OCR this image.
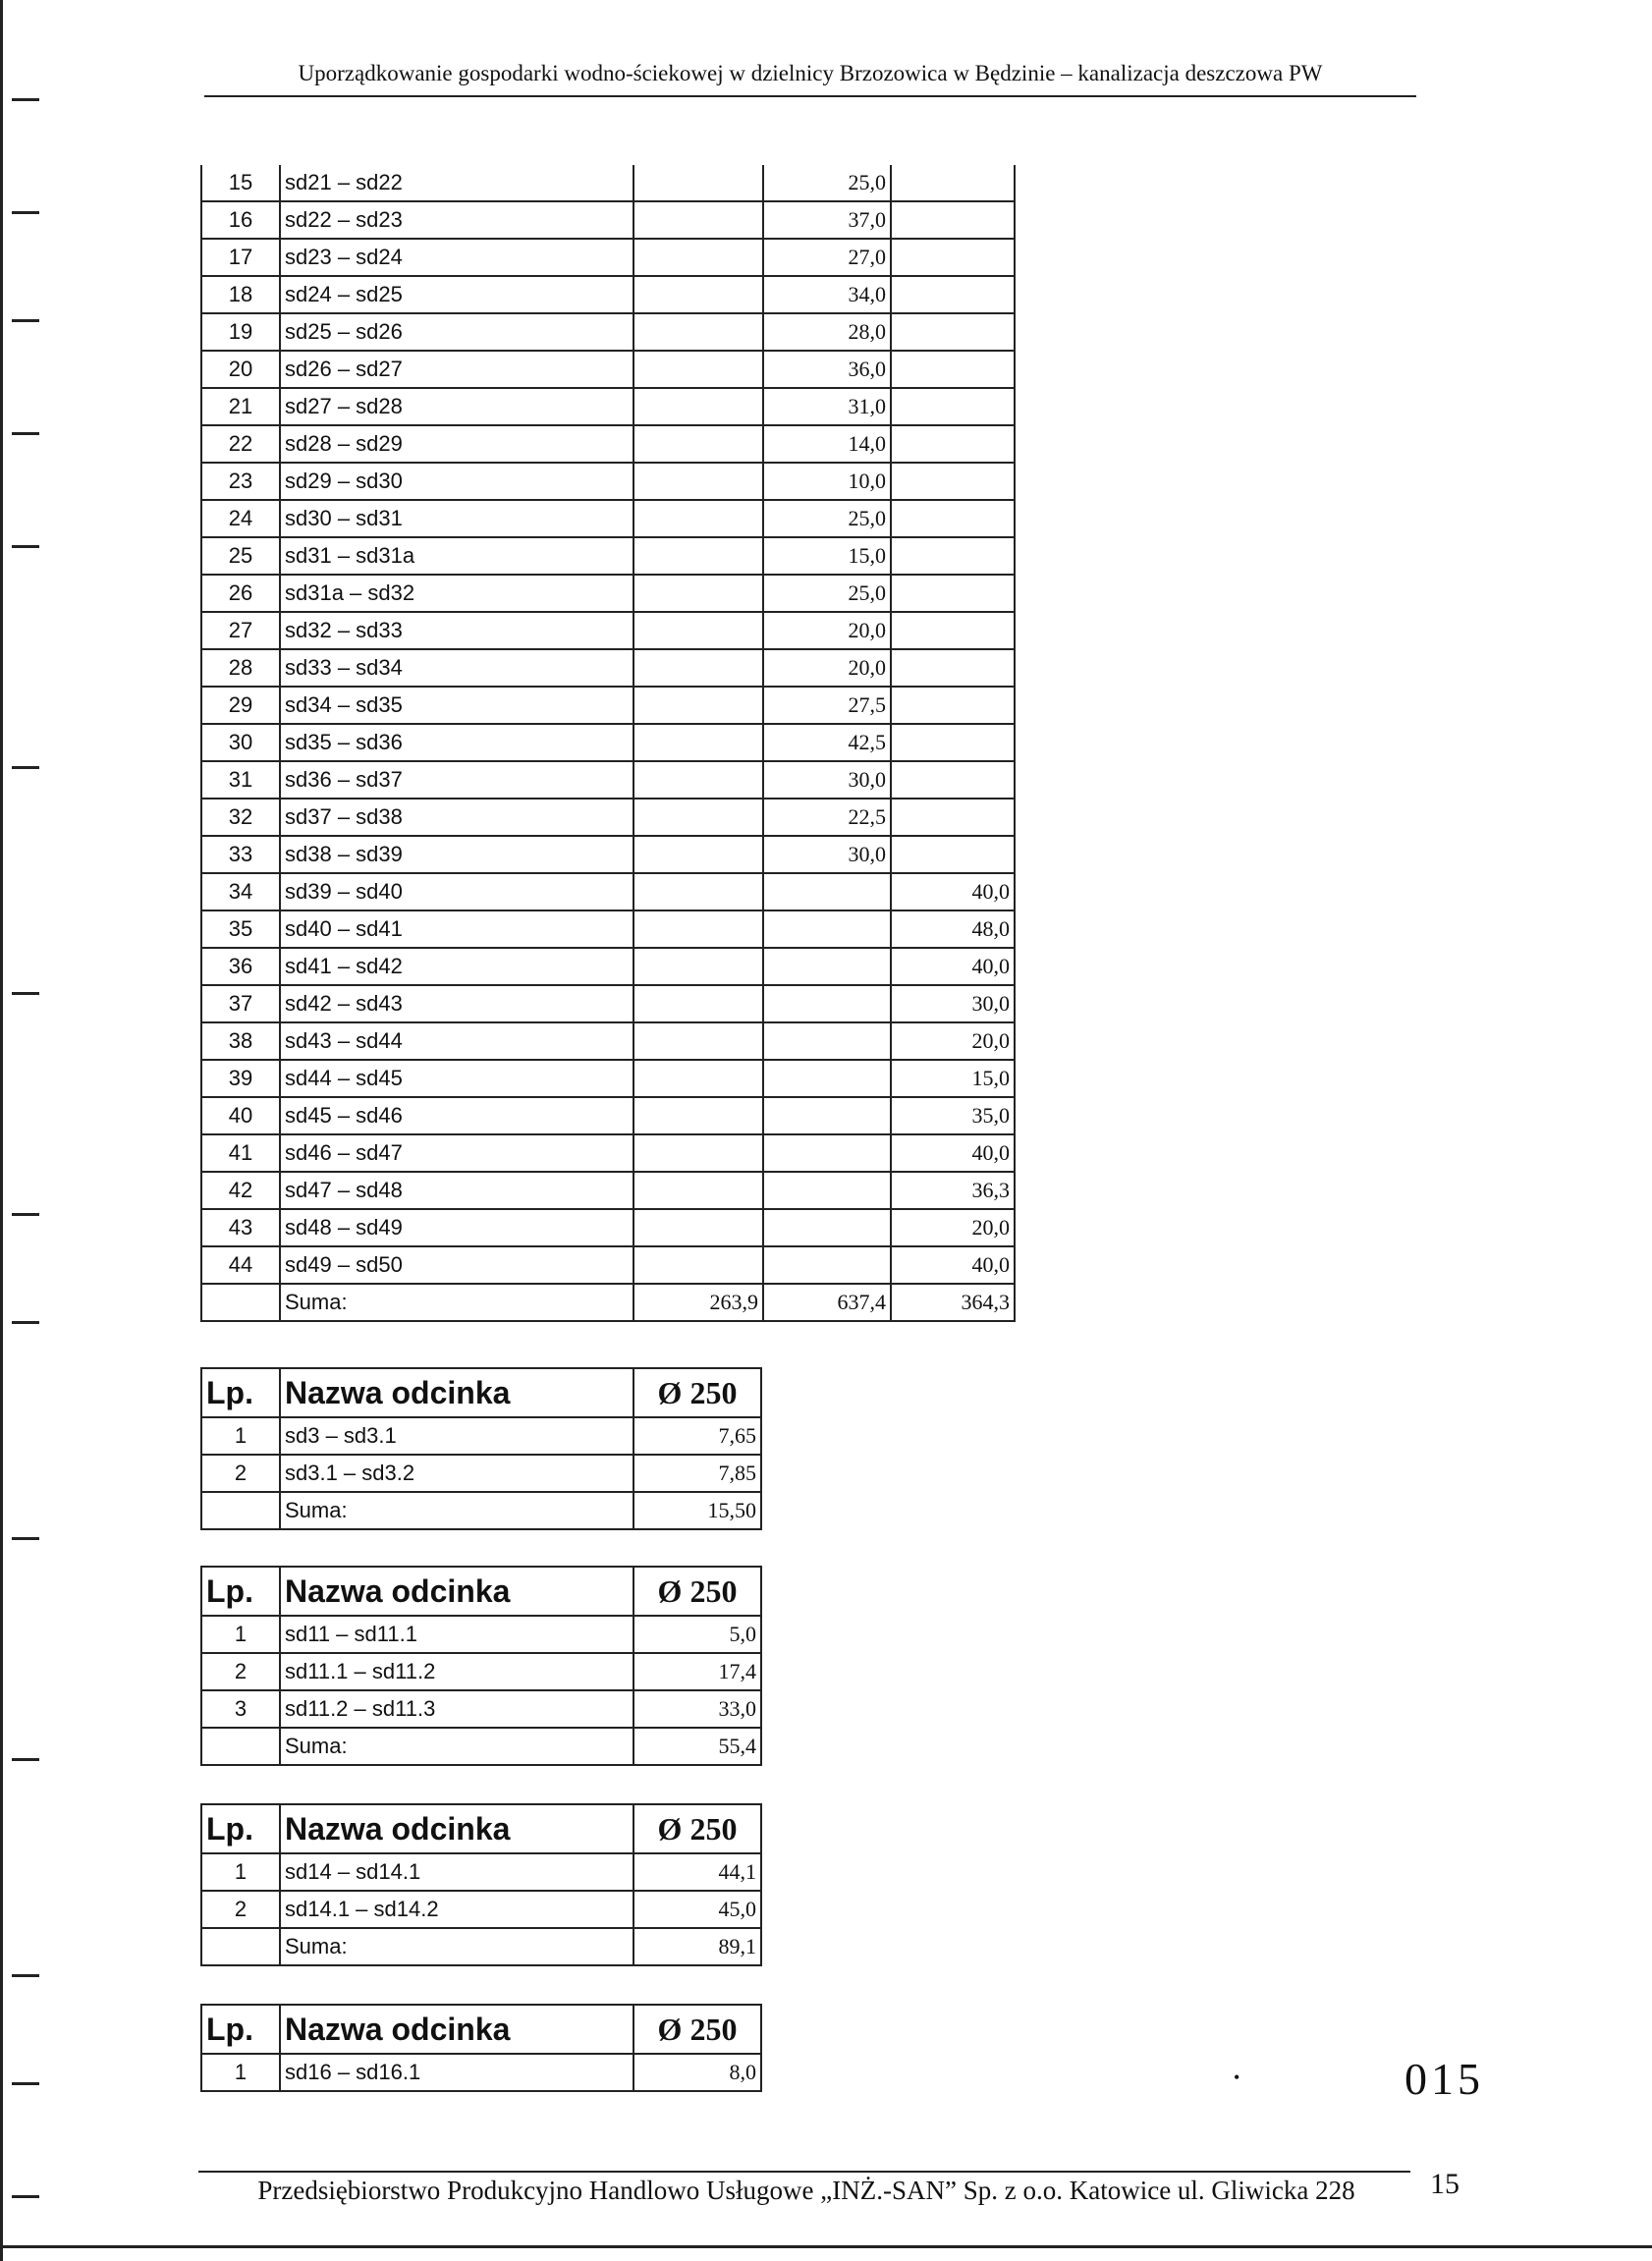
Uporządkowanie gospodarki wodno-ściekowej w dzielnicy Brzozowica w Będzinie – kanalizacja deszczowa PW
15	sd21 – sd22		25,0	
16	sd22 – sd23		37,0	
17	sd23 – sd24		27,0	
18	sd24 – sd25		34,0	
19	sd25 – sd26		28,0	
20	sd26 – sd27		36,0	
21	sd27 – sd28		31,0	
22	sd28 – sd29		14,0	
23	sd29 – sd30		10,0	
24	sd30 – sd31		25,0	
25	sd31 – sd31a		15,0	
26	sd31a – sd32		25,0	
27	sd32 – sd33		20,0	
28	sd33 – sd34		20,0	
29	sd34 – sd35		27,5	
30	sd35 – sd36		42,5	
31	sd36 – sd37		30,0	
32	sd37 – sd38		22,5	
33	sd38 – sd39		30,0	
34	sd39 – sd40			40,0
35	sd40 – sd41			48,0
36	sd41 – sd42			40,0
37	sd42 – sd43			30,0
38	sd43 – sd44			20,0
39	sd44 – sd45			15,0
40	sd45 – sd46			35,0
41	sd46 – sd47			40,0
42	sd47 – sd48			36,3
43	sd48 – sd49			20,0
44	sd49 – sd50			40,0
	Suma:	263,9	637,4	364,3
Lp.	Nazwa odcinka	Ø 250
1	sd3 – sd3.1	7,65
2	sd3.1 – sd3.2	7,85
	Suma:	15,50
Lp.	Nazwa odcinka	Ø 250
1	sd11 – sd11.1	5,0
2	sd11.1 – sd11.2	17,4
3	sd11.2 – sd11.3	33,0
	Suma:	55,4
Lp.	Nazwa odcinka	Ø 250
1	sd14 – sd14.1	44,1
2	sd14.1 – sd14.2	45,0
	Suma:	89,1
Lp.	Nazwa odcinka	Ø 250
1	sd16 – sd16.1	8,0	•	015
Przedsiębiorstwo Produkcyjno Handlowo Usługowe „INŻ.-SAN” Sp. z o.o. Katowice ul. Gliwicka 228	15
